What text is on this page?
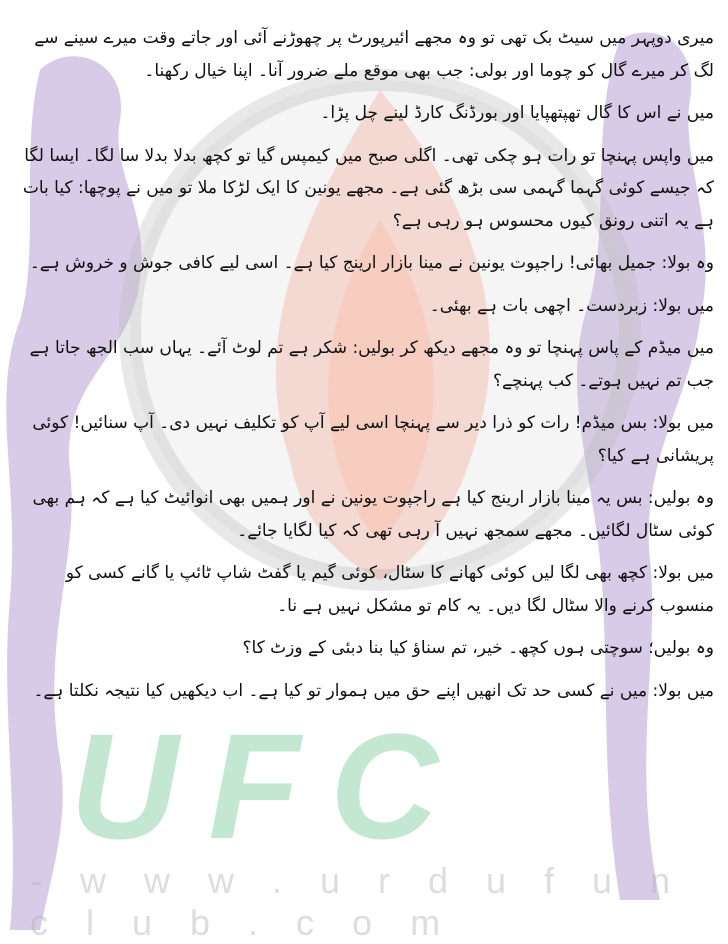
UFC
- w w w . u r d u f u n c l u b . c o m

میری دوپہر میں سیٹ بک تھی تو وہ مجھے ائیرپورٹ پر چھوڑنے آئی اور جاتے وقت میرے سینے سے لگ کر میرے گال کو چوما اور بولی: جب بھی موقع ملے ضرور آنا۔ اپنا خیال رکھنا۔

میں نے اس کا گال تھپتھپایا اور بورڈنگ کارڈ لینے چل پڑا۔

میں واپس پہنچا تو رات ہو چکی تھی۔ اگلی صبح میں کیمپس گیا تو کچھ بدلا بدلا سا لگا۔ ایسا لگا کہ جیسے کوئی گہما گہمی سی بڑھ گئی ہے۔ مجھے یونین کا ایک لڑکا ملا تو میں نے پوچھا: کیا بات ہے یہ اتنی رونق کیوں محسوس ہو رہی ہے؟

وہ بولا: جمیل بھائی! راجپوت یونین نے مینا بازار ارینج کیا ہے۔ اسی لیے کافی جوش و خروش ہے۔

میں بولا: زبردست۔ اچھی بات ہے بھئی۔

میں میڈم کے پاس پہنچا تو وہ مجھے دیکھ کر بولیں: شکر ہے تم لوٹ آئے۔ یہاں سب الجھ جاتا ہے جب تم نہیں ہوتے۔ کب پہنچے؟

میں بولا: بس میڈم! رات کو ذرا دیر سے پہنچا اسی لیے آپ کو تکلیف نہیں دی۔ آپ سنائیں! کوئی پریشانی ہے کیا؟

وہ بولیں: بس یہ مینا بازار ارینج کیا ہے راجپوت یونین نے اور ہمیں بھی انوائیٹ کیا ہے کہ ہم بھی کوئی سٹال لگائیں۔ مجھے سمجھ نہیں آ رہی تھی کہ کیا لگایا جائے۔

میں بولا: کچھ بھی لگا لیں کوئی کھانے کا سٹال، کوئی گیم یا گفٹ شاپ ٹائپ یا گانے کسی کو منسوب کرنے والا سٹال لگا دیں۔ یہ کام تو مشکل نہیں ہے نا۔

وہ بولیں؛ سوچتی ہوں کچھ۔ خیر، تم سناؤ کیا بنا دبئی کے وزٹ کا؟

میں بولا: میں نے کسی حد تک انھیں اپنے حق میں ہموار تو کیا ہے۔ اب دیکھیں کیا نتیجہ نکلتا ہے۔
